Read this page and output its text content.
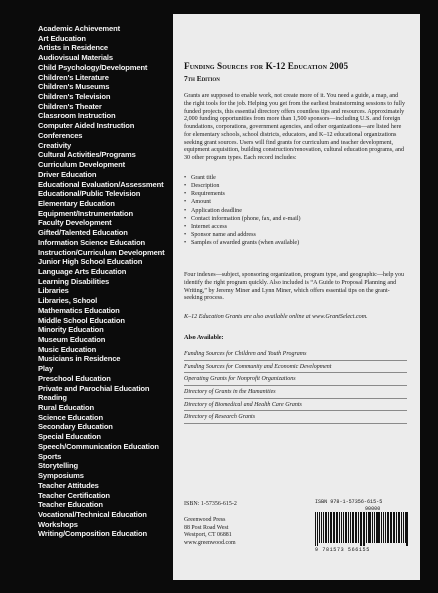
Academic Achievement
Art Education
Artists in Residence
Audiovisual Materials
Child Psychology/Development
Children's Literature
Children's Museums
Children's Television
Children's Theater
Classroom Instruction
Computer Aided Instruction
Conferences
Creativity
Cultural Activities/Programs
Curriculum Development
Driver Education
Educational Evaluation/Assessment
Educational/Public Television
Elementary Education
Equipment/Instrumentation
Faculty Development
Gifted/Talented Education
Information Science Education
Instruction/Curriculum Development
Junior High School Education
Language Arts Education
Learning Disabilities
Libraries
Libraries, School
Mathematics Education
Middle School Education
Minority Education
Museum Education
Music Education
Musicians in Residence
Play
Preschool Education
Private and Parochial Education
Reading
Rural Education
Science Education
Secondary Education
Special Education
Speech/Communication Education
Sports
Storytelling
Symposiums
Teacher Attitudes
Teacher Certification
Teacher Education
Vocational/Technical Education
Workshops
Writing/Composition Education
Funding Sources for K-12 Education 2005

7th Edition

Grants are supposed to enable work, not create more of it. You need a guide, a map, and the right tools for the job. Helping you get from the earliest brainstorming sessions to fully funded projects, this essential directory offers countless tips and resources. Approximately 2,000 funding opportunities from more than 1,500 sponsors—including U.S. and foreign foundations, corporations, government agencies, and other organizations—are listed here for elementary schools, school districts, educators, and K–12 educational organizations seeking grant sources. Users will find grants for curriculum and teacher development, equipment acquisition, building construction/renovation, cultural education programs, and 30 other program types. Each record includes:

• Grant title
• Description
• Requirements
• Amount
• Application deadline
• Contact information (phone, fax, and e-mail)
• Internet access
• Sponsor name and address
• Samples of awarded grants (when available)

Four indexes—subject, sponsoring organization, program type, and geographic—help you identify the right program quickly. Also included is “A Guide to Proposal Planning and Writing,” by Jeremy Miner and Lynn Miner, which offers essential tips on the grant-seeking process.

K–12 Education Grants are also available online at www.GrantSelect.com.

Also Available:

Funding Sources for Children and Youth Programs
Funding Sources for Community and Economic Development
Operating Grants for Nonprofit Organizations
Directory of Grants in the Humanities
Directory of Biomedical and Health Care Grants
Directory of Research Grants

ISBN: 1-57356-615-2

Greenwood Press
88 Post Road West
Westport, CT 06881
www.greenwood.com

ISBN 978-1-57356-615-5
90000
9 781573 566155
